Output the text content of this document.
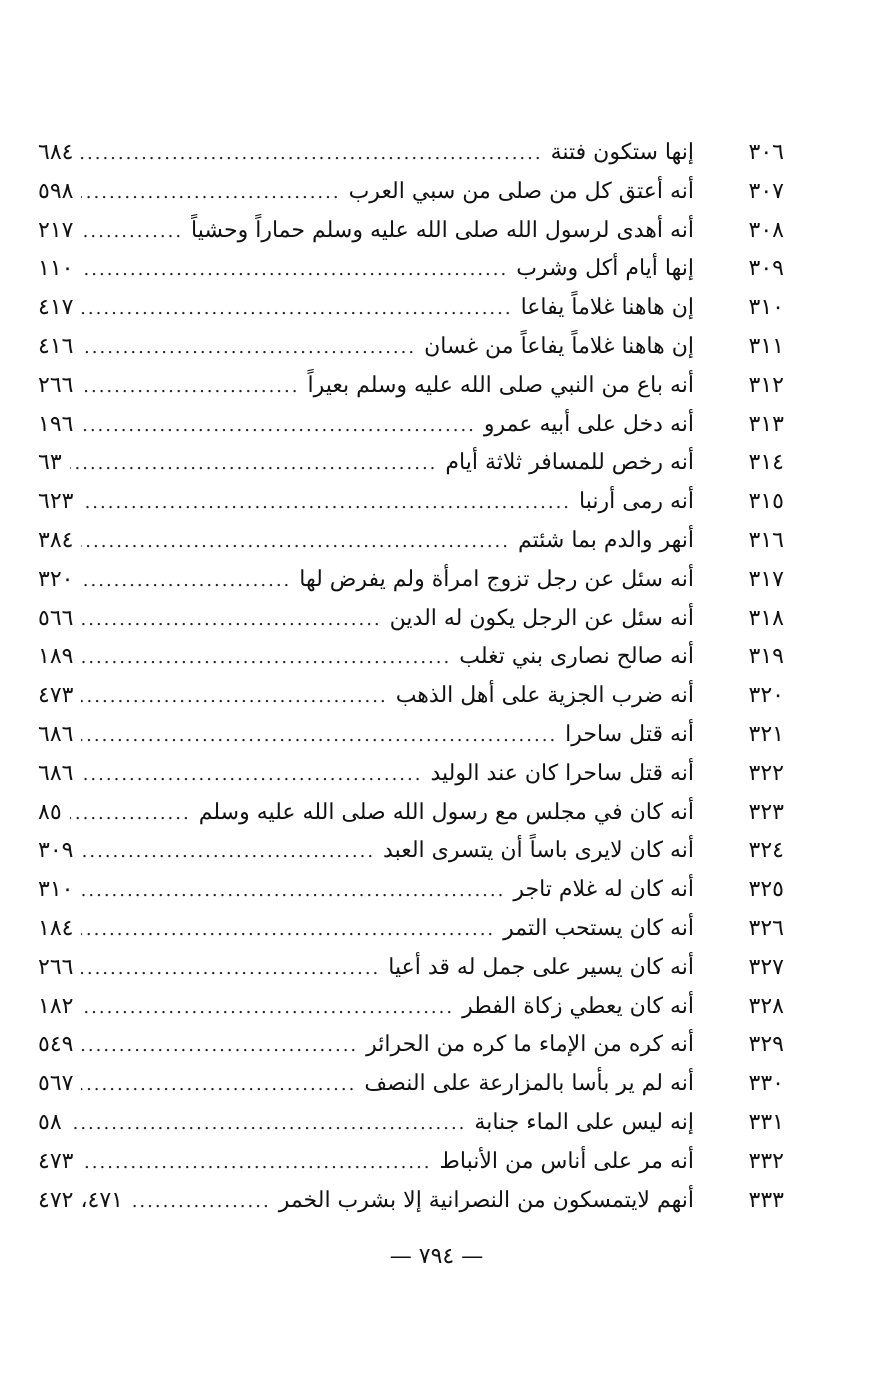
٣٠٦
إنها ستكون فتنة
.....
٦٨٤
٣٠٧
أنه أعتق كل من صلى من سبي العرب
.....
٥٩٨
٣٠٨
أنه أهدى لرسول الله صلى الله عليه وسلم حماراً وحشياً
.....
٢١٧
٣٠٩
إنها أيام أكل وشرب
.....
١١٠
٣١٠
إن هاهنا غلاماً يفاعا
.....
٤١٧
٣١١
إن هاهنا غلاماً يفاعاً من غسان
.....
٤١٦
٣١٢
أنه باع من النبي صلى الله عليه وسلم بعيراً
.....
٢٦٦
٣١٣
أنه دخل على أبيه عمرو
.....
١٩٦
٣١٤
أنه رخص للمسافر ثلاثة أيام
.....
٦٣
٣١٥
أنه رمى أرنبا
.....
٦٢٣
٣١٦
أنهر والدم بما شئتم
.....
٣٨٤
٣١٧
أنه سئل عن رجل تزوج امرأة ولم يفرض لها
.....
٣٢٠
٣١٨
أنه سئل عن الرجل يكون له الدين
.....
٥٦٦
٣١٩
أنه صالح نصارى بني تغلب
.....
١٨٩
٣٢٠
أنه ضرب الجزية على أهل الذهب
.....
٤٧٣
٣٢١
أنه قتل ساحرا
.....
٦٨٦
٣٢٢
أنه قتل ساحرا كان عند الوليد
.....
٦٨٦
٣٢٣
أنه كان في مجلس مع رسول الله صلى الله عليه وسلم
.....
٨٥
٣٢٤
أنه كان لايرى باساً أن يتسرى العبد
.....
٣٠٩
٣٢٥
أنه كان له غلام تاجر
.....
٣١٠
٣٢٦
أنه كان يستحب التمر
.....
١٨٤
٣٢٧
أنه كان يسير على جمل له قد أعيا
.....
٢٦٦
٣٢٨
أنه كان يعطي زكاة الفطر
.....
١٨٢
٣٢٩
أنه كره من الإماء ما كره من الحرائر
.....
٥٤٩
٣٣٠
أنه لم ير بأسا بالمزارعة على النصف
.....
٥٦٧
٣٣١
إنه ليس على الماء جنابة
.....
٥٨
٣٣٢
أنه مر على أناس من الأنباط
.....
٤٧٣
٣٣٣
أنهم لايتمسكون من النصرانية إلا بشرب الخمر
.....
٤٧١، ٤٧٢
— ٧٩٤ —
